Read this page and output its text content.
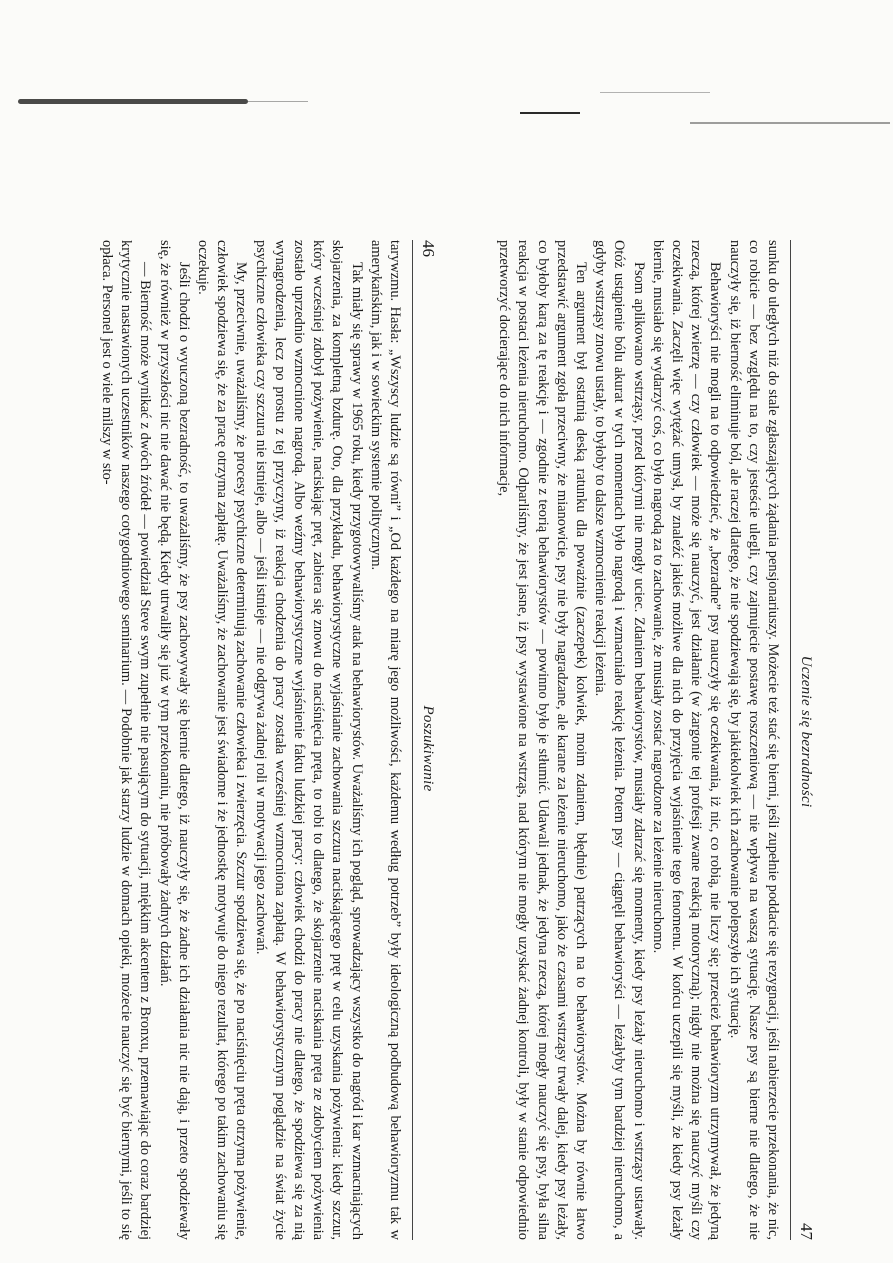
46
Poszukiwanie

tarywzmu. Hasła: „Wszyscy ludzie są równi” i „Od każdego na miarę jego możliwości, każdemu według potrzeb” były ideologiczną podbudową behawioryzmu tak w amerykańskim, jak i w sowieckim systemie politycznym.

Tak miały się sprawy w 1965 roku, kiedy przygotowywaliśmy atak na behawiorystów. Uważaliśmy ich pogląd, sprowadzający wszystko do nagród i kar wzmacniających skojarzenia, za kompletną bzdurę. Oto, dla przykładu, behawiorystyczne wyjaśnianie zachowania szczura naciskającego pręt w celu uzyskania pożywienia: kiedy szczur, który wcześniej zdobył pożywienie, naciskając pręt, zabiera się znowu do naciśnięcia pręta, to robi to dlatego, że skojarzenie naciskania pręta ze zdobyciem pożywienia zostało uprzednio wzmocnione nagrodą. Albo weźmy behawiorystyczne wyjaśnienie faktu ludzkiej pracy: człowiek chodzi do pracy nie dlatego, że spodziewa się za nią wynagrodzenia, lecz po prostu z tej przyczyny, iż reakcja chodzenia do pracy została wcześniej wzmocniona zapłatą. W behawiorystycznym poglądzie na świat życie psychiczne człowieka czy szczura nie istnieje, albo — jeśli istnieje — nie odgrywa żadnej roli w motywacji jego zachowań.

My, przeciwnie, uważaliśmy, że procesy psychiczne determinują zachowanie człowieka i zwierzęcia. Szczur spodziewa się, że po naciśnięciu pręta otrzyma pożywienie, człowiek spodziewa się, że za pracę otrzyma zapłatę. Uważaliśmy, że zachowanie jest świadome i że jednostkę motywuje do niego rezultat, którego po takim zachowaniu się oczekuje.

Jeśli chodzi o wyuczoną bezradność, to uważaliśmy, że psy zachowywały się biernie dlatego, iż nauczyły się, że żadne ich działania nic nie dają, i przeto spodziewały się, że również w przyszłości nic nie dawać nie będą. Kiedy utrwaliły się już w tym przekonaniu, nie próbowały żadnych działań.

— Bierność może wynikać z dwóch źródeł — powiedział Steve swym zupełnie nie pasującym do sytuacji, miękkim akcentem z Bronxu, przemawiając do coraz bardziej krytycznie nastawionych uczestników naszego cotygodniowego seminarium. — Podobnie jak starzy ludzie w domach opieki, możecie nauczyć się być biernymi, jeśli to się opłaca. Personel jest o wiele milszy w sto-

Uczenie się bezradności
47

sunku do uległych niż do stale zgłaszających żądania pensjonariuszy. Możecie też stać się bierni, jeśli zupełnie poddacie się rezygnacji, jeśli nabierzecie przekonania, że nic, co robicie — bez względu na to, czy jesteście ulegli, czy zajmujecie postawę roszczeniową — nie wpływa na waszą sytuację. Nasze psy są bierne nie dlatego, że nie nauczyły się, iż bierność eliminuje ból, ale raczej dlatego, że nie spodziewają się, by jakiekolwiek ich zachowanie polepszyło ich sytuację.

Behawioryści nie mogli na to odpowiedzieć, że „bezradne” psy nauczyły się oczekiwania, iż nic, co robią, nie liczy się; przecież behawioryzm utrzymywał, że jedyną rzeczą, której zwierzę — czy człowiek — może się nauczyć, jest działanie (w żargonie tej profesji zwane reakcją motoryczną); nigdy nie można się nauczyć myśli czy oczekiwania. Zaczęli więc wytężać umysł, by znaleźć jakieś możliwe dla nich do przyjęcia wyjaśnienie tego fenomenu. W końcu uczepili się myśli, że kiedy psy leżały biernie, musiało się wydarzyć coś, co było nagrodą za to zachowanie, że musiały zostać nagrodzone za leżenie nieruchomo.

Psom aplikowano wstrząsy, przed którymi nie mogły uciec. Zdaniem behawiorystów, musiały zdarzać się momenty, kiedy psy leżały nieruchomo i wstrząsy ustawały. Otóż ustąpienie bólu akurat w tych momentach było nagrodą i wzmacniało reakcję leżenia. Potem psy — ciągnęli behawioryści — leżałyby tym bardziej nieruchomo, a gdyby wstrząsy znowu ustały, to byłoby to dalsze wzmocnienie reakcji leżenia.

Ten argument był ostatnią deską ratunku dla poważnie (zaczepek) kolwiek, moim zdaniem, błędnie) patrzących na to behawiorystów. Można by równie łatwo przedstawić argument zgoła przeciwny, że mianowicie, psy nie były nagradzane, ale karane za leżenie nieruchomo, jako że czasami wstrząsy trwały dalej, kiedy psy leżały, co byłoby karą za tę reakcję i — zgodnie z teorią behawiorystów — powinno było je stłumić. Udawali jednak, że jedyna rzeczą, której mogły nauczyć się psy, była silna reakcja w postaci leżenia nieruchomo. Odparliśmy, że jest jasne, iż psy wystawione na wstrząs, nad którym nie mogły uzyskać żadnej kontroli, były w stanie odpowiednio przetworzyć docierające do nich informacje,
